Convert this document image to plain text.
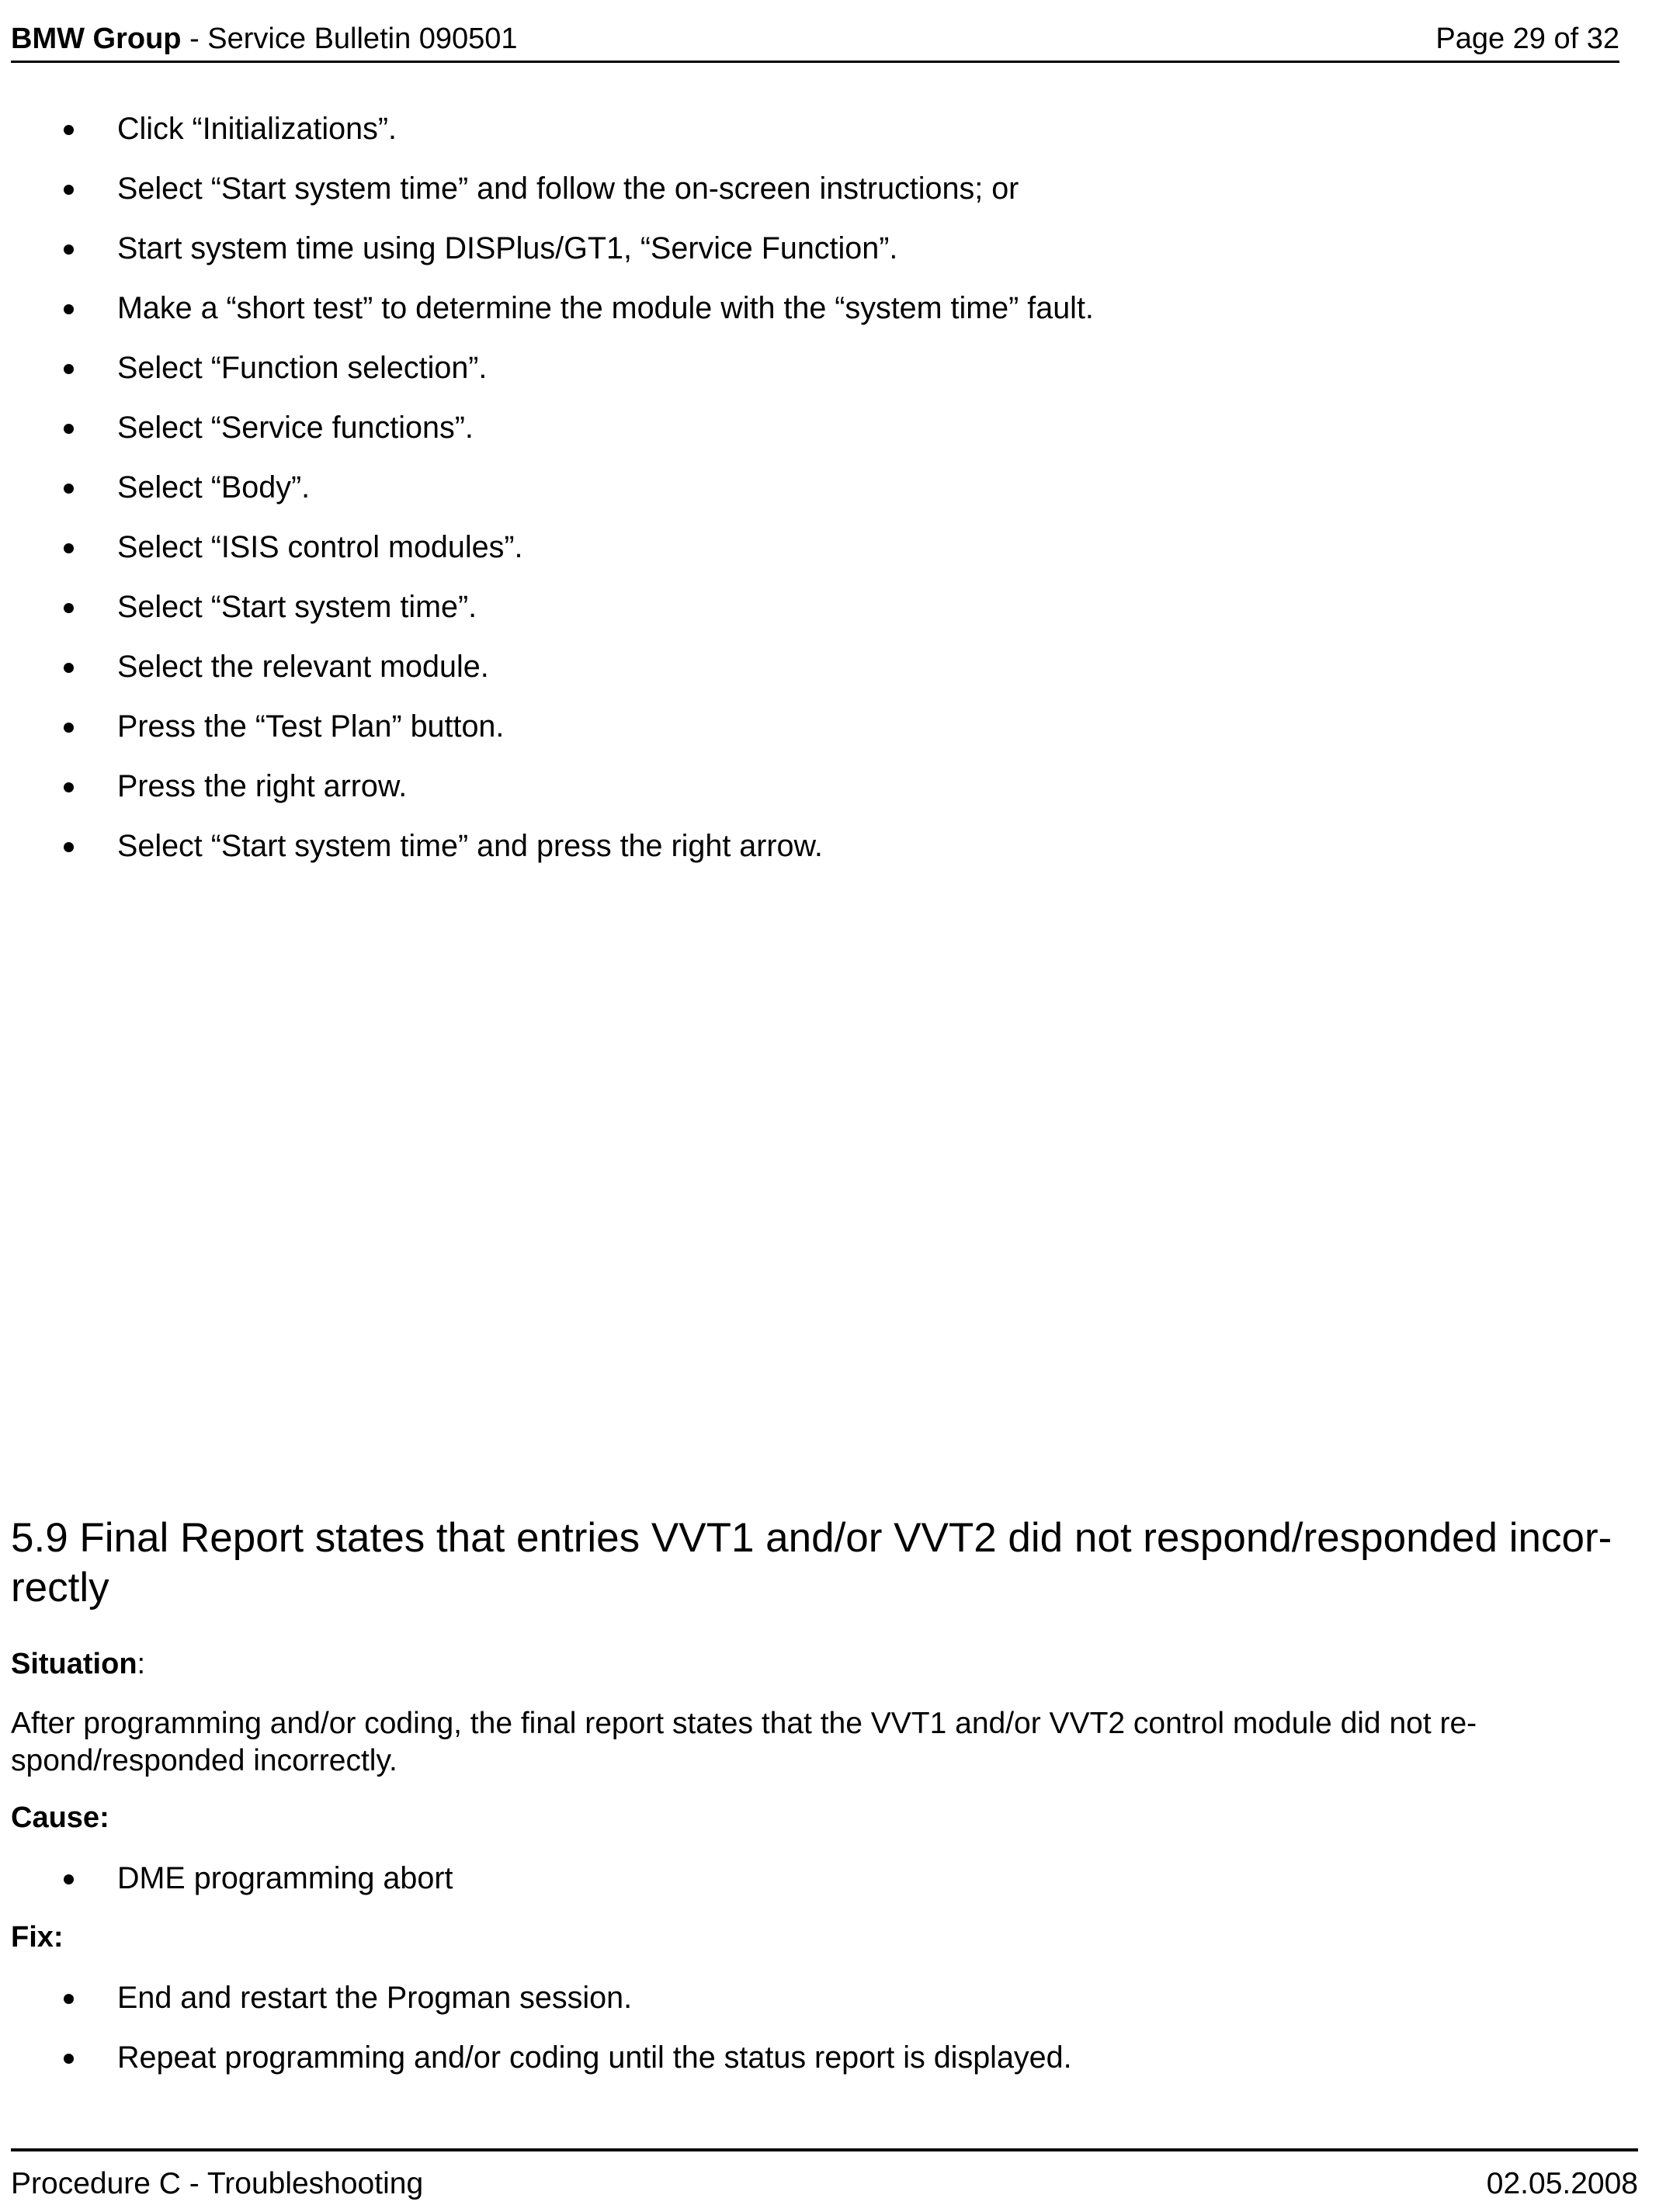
BMW Group - Service Bulletin 090501	Page 29 of 32
Click “Initializations”.
Select “Start system time” and follow the on-screen instructions; or
Start system time using DISPlus/GT1, “Service Function”.
Make a “short test” to determine the module with the “system time” fault.
Select “Function selection”.
Select “Service functions”.
Select “Body”.
Select “ISIS control modules”.
Select “Start system time”.
Select the relevant module.
Press the “Test Plan” button.
Press the right arrow.
Select “Start system time” and press the right arrow.
5.9 Final Report states that entries VVT1 and/or VVT2 did not respond/responded incor-
rectly
Situation:
After programming and/or coding, the final report states that the VVT1 and/or VVT2 control module did not re-
spond/responded incorrectly.
Cause:
DME programming abort
Fix:
End and restart the Progman session.
Repeat programming and/or coding until the status report is displayed.
Procedure C - Troubleshooting	02.05.2008
